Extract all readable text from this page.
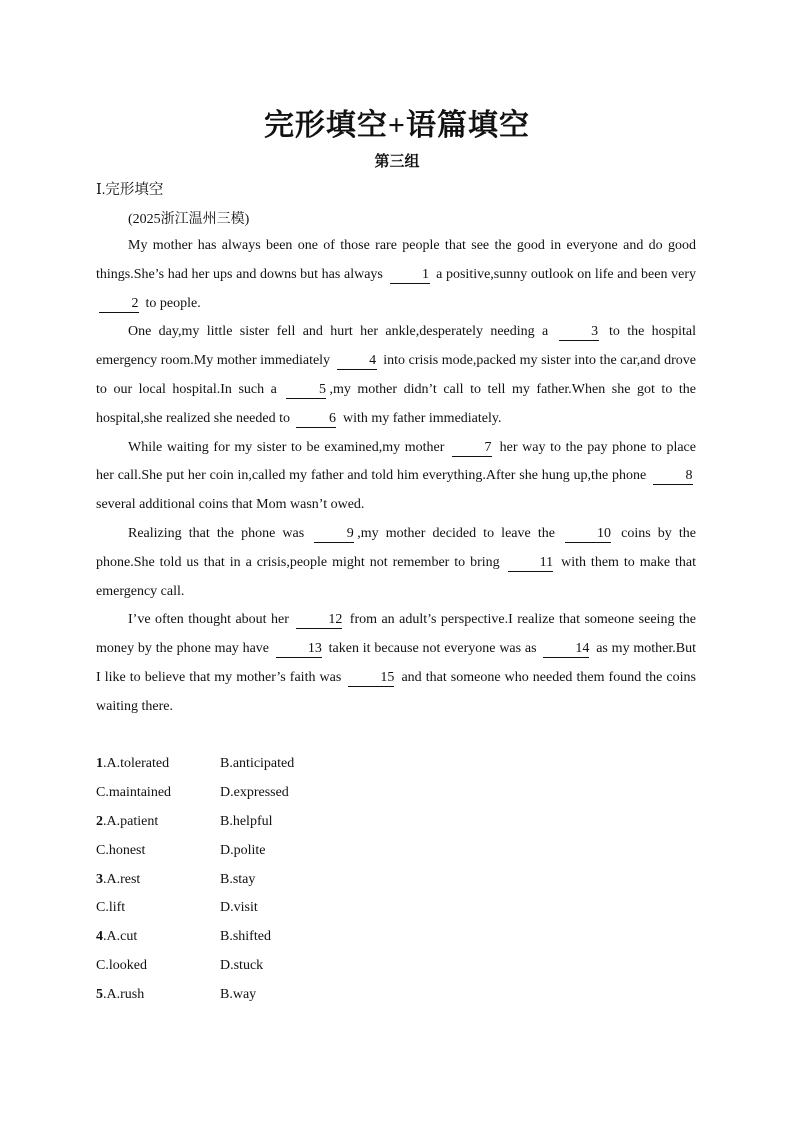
完形填空+语篇填空
第三组
Ⅰ.完形填空
(2025浙江温州三模)

My mother has always been one of those rare people that see the good in everyone and do good things.She’s had her ups and downs but has always	1 a positive,sunny outlook on life and been very 2 to people.

One day,my little sister fell and hurt her ankle,desperately needing a	3 to the hospital emergency room.My mother immediately	4 into crisis mode,packed my sister into the car,and drove to our local hospital.In such a	5 ,my mother didn’t call to tell my father.When she got to the hospital,she realized she needed to	6 with my father immediately.

While waiting for my sister to be examined,my mother	7 her way to the pay phone to place her call.She put her coin in,called my father and told him everything.After she hung up,the phone	8 several additional coins that Mom wasn’t owed.

Realizing that the phone was	9 ,my mother decided to leave the	10 coins by the phone.She told us that in a crisis,people might not remember to bring	11 with them to make that emergency call.

I’ve often thought about her	12 from an adult’s perspective.I realize that someone seeing the money by the phone may have	13 taken it because not everyone was as	14 as my mother.But I like to believe that my mother’s faith was	15 and that someone who needed them found the coins waiting there.

1.A.tolerated	B.anticipated
C.maintained	D.expressed
2.A.patient	B.helpful
C.honest	D.polite
3.A.rest	B.stay
C.lift	D.visit
4.A.cut	B.shifted
C.looked	D.stuck
5.A.rush	B.way
